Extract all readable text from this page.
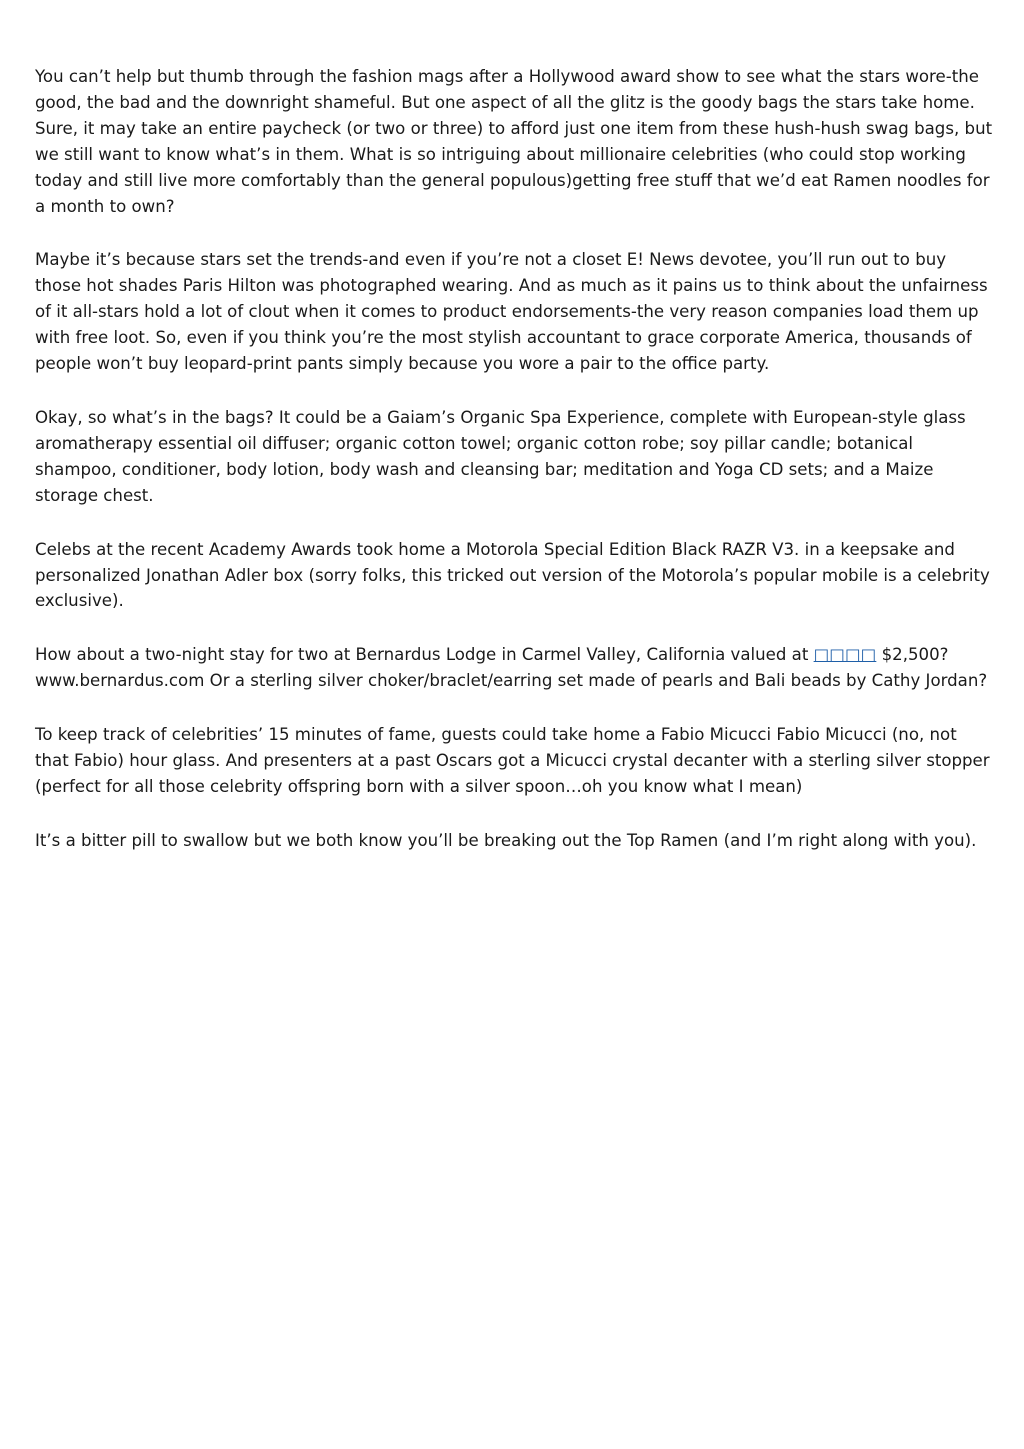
You can’t help but thumb through the fashion mags after a Hollywood award show to see what the stars wore-the good, the bad and the downright shameful. But one aspect of all the glitz is the goody bags the stars take home. Sure, it may take an entire paycheck (or two or three) to afford just one item from these hush-hush swag bags, but we still want to know what’s in them. What is so intriguing about millionaire celebrities (who could stop working today and still live more comfortably than the general populous)getting free stuff that we’d eat Ramen noodles for a month to own?

Maybe it’s because stars set the trends-and even if you’re not a closet E! News devotee, you’ll run out to buy those hot shades Paris Hilton was photographed wearing. And as much as it pains us to think about the unfairness of it all-stars hold a lot of clout when it comes to product endorsements-the very reason companies load them up with free loot. So, even if you think you’re the most stylish accountant to grace corporate America, thousands of people won’t buy leopard-print pants simply because you wore a pair to the office party.

Okay, so what’s in the bags? It could be a Gaiam’s Organic Spa Experience, complete with European-style glass aromatherapy essential oil diffuser; organic cotton towel; organic cotton robe; soy pillar candle; botanical shampoo, conditioner, body lotion, body wash and cleansing bar; meditation and Yoga CD sets; and a Maize storage chest.

Celebs at the recent Academy Awards took home a Motorola Special Edition Black RAZR V3. in a keepsake and personalized Jonathan Adler box (sorry folks, this tricked out version of the Motorola’s popular mobile is a celebrity exclusive).

How about a two-night stay for two at Bernardus Lodge in Carmel Valley, California valued at □□□□ $2,500? www.bernardus.com Or a sterling silver choker/braclet/earring set made of pearls and Bali beads by Cathy Jordan?

To keep track of celebrities’ 15 minutes of fame, guests could take home a Fabio Micucci Fabio Micucci (no, not that Fabio) hour glass. And presenters at a past Oscars got a Micucci crystal decanter with a sterling silver stopper (perfect for all those celebrity offspring born with a silver spoon…oh you know what I mean)

It’s a bitter pill to swallow but we both know you’ll be breaking out the Top Ramen (and I’m right along with you).
